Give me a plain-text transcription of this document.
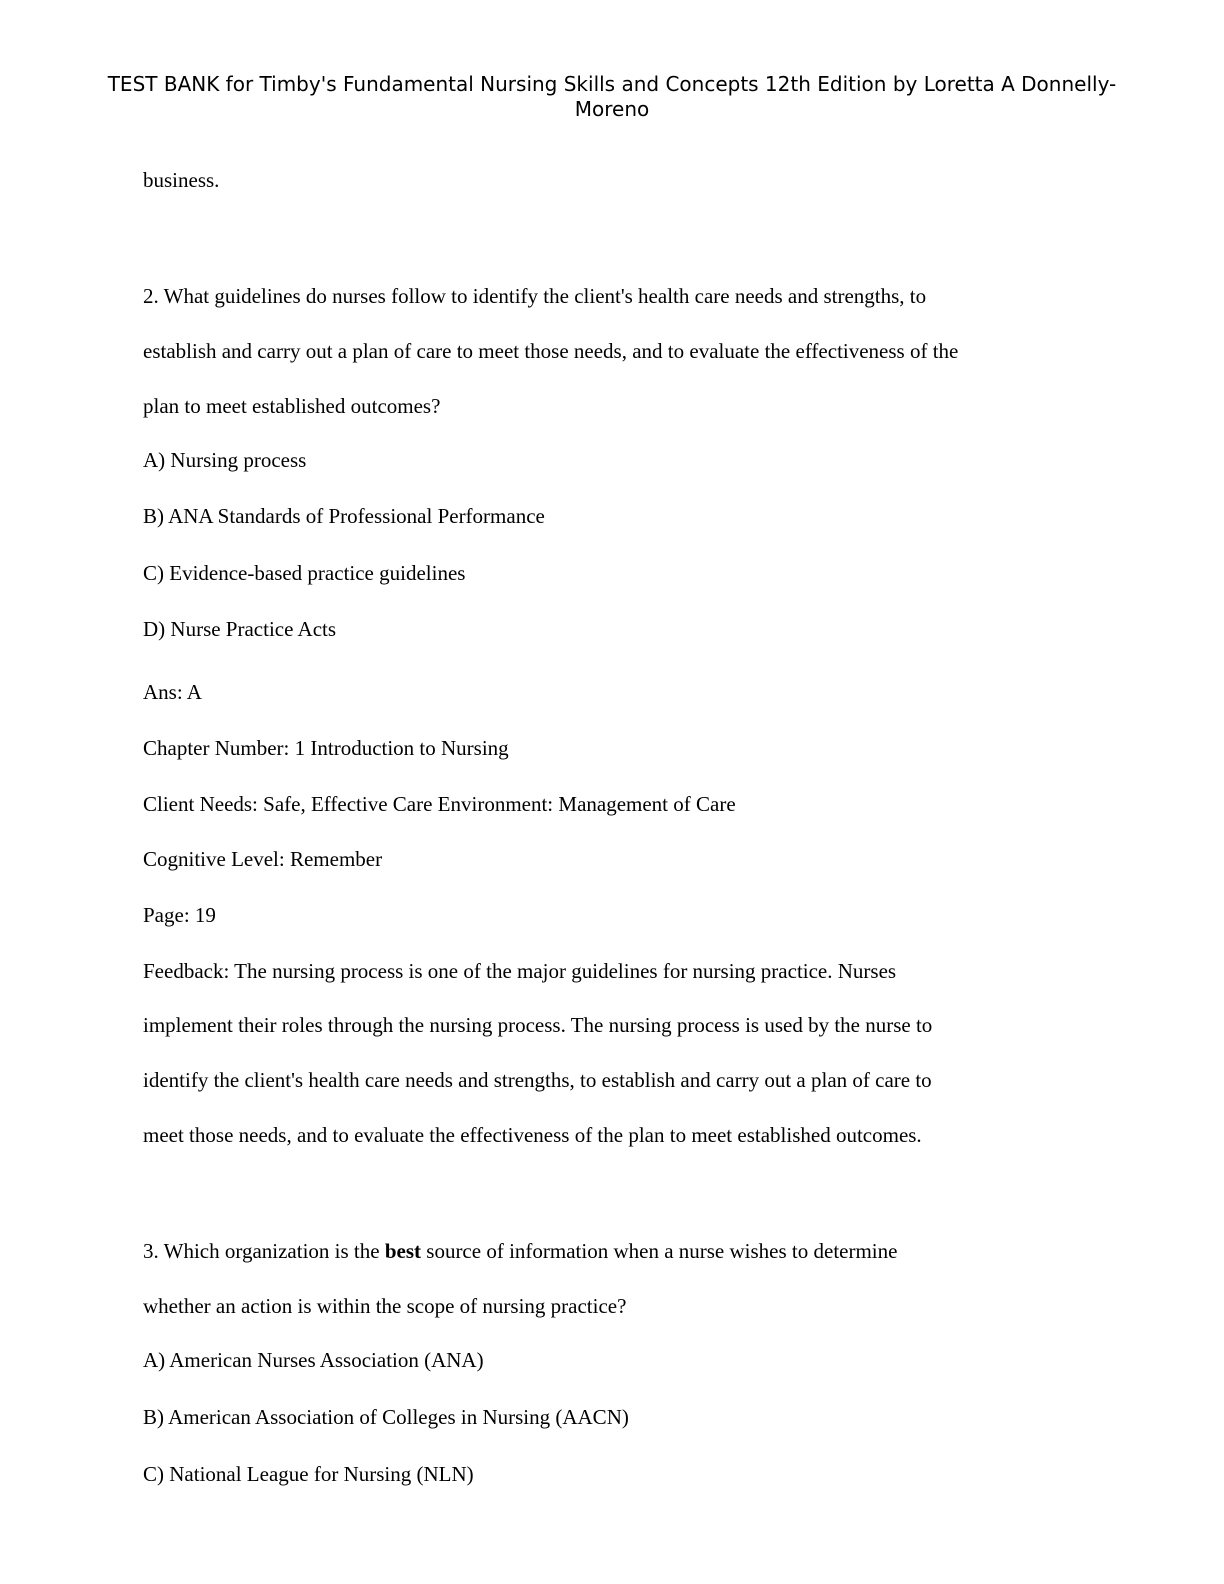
TEST BANK for Timby's Fundamental Nursing Skills and Concepts 12th Edition by Loretta A Donnelly-
Moreno
business.
2. What guidelines do nurses follow to identify the client's health care needs and strengths, to
establish and carry out a plan of care to meet those needs, and to evaluate the effectiveness of the
plan to meet established outcomes?
A) Nursing process
B) ANA Standards of Professional Performance
C) Evidence-based practice guidelines
D) Nurse Practice Acts
Ans: A
Chapter Number: 1 Introduction to Nursing
Client Needs: Safe, Effective Care Environment: Management of Care
Cognitive Level: Remember
Page: 19
Feedback: The nursing process is one of the major guidelines for nursing practice. Nurses
implement their roles through the nursing process. The nursing process is used by the nurse to
identify the client's health care needs and strengths, to establish and carry out a plan of care to
meet those needs, and to evaluate the effectiveness of the plan to meet established outcomes.
3. Which organization is the best source of information when a nurse wishes to determine
whether an action is within the scope of nursing practice?
A) American Nurses Association (ANA)
B) American Association of Colleges in Nursing (AACN)
C) National League for Nursing (NLN)
